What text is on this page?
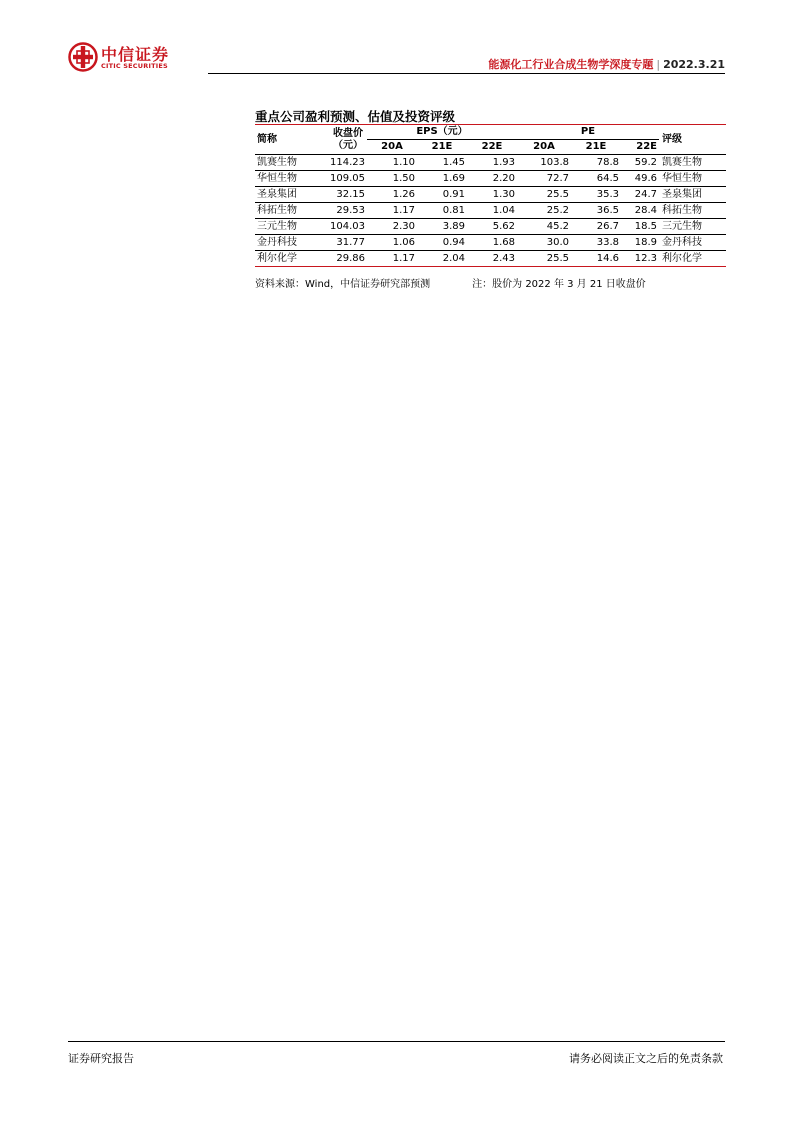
中信证券
CITIC SECURITIES	能源化工行业合成生物学深度专题 | 2022.3.21
重点公司盈利预测、估值及投资评级
简称	收盘价
（元）	EPS（元）			PE			评级
		20A	21E	22E	20A	21E	22E	
凯赛生物	114.23	1.10	1.45	1.93	103.8	78.8	59.2	凯赛生物
华恒生物	109.05	1.50	1.69	2.20	72.7	64.5	49.6	华恒生物
圣泉集团	32.15	1.26	0.91	1.30	25.5	35.3	24.7	圣泉集团
科拓生物	29.53	1.17	0.81	1.04	25.2	36.5	28.4	科拓生物
三元生物	104.03	2.30	3.89	5.62	45.2	26.7	18.5	三元生物
金丹科技	31.77	1.06	0.94	1.68	30.0	33.8	18.9	金丹科技
利尔化学	29.86	1.17	2.04	2.43	25.5	14.6	12.3	利尔化学
资料来源：Wind，中信证券研究部预测	注：股价为 2022 年 3 月 21 日收盘价
证券研究报告	请务必阅读正文之后的免责条款
